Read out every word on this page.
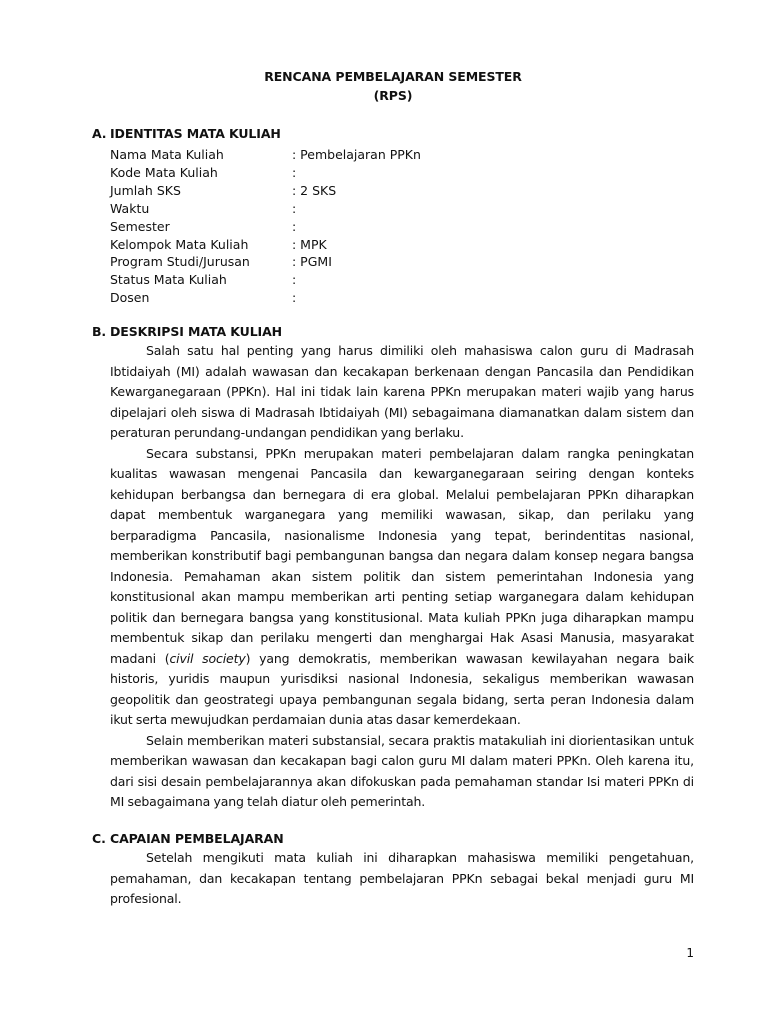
RENCANA PEMBELAJARAN SEMESTER
(RPS)
A. IDENTITAS MATA KULIAH
Nama Mata Kuliah	: Pembelajaran PPKn
Kode Mata Kuliah	:
Jumlah SKS	: 2 SKS
Waktu	:
Semester	:
Kelompok Mata Kuliah	: MPK
Program Studi/Jurusan	: PGMI
Status Mata Kuliah	:
Dosen	:
B. DESKRIPSI MATA KULIAH

Salah satu hal penting yang harus dimiliki oleh mahasiswa calon guru di Madrasah Ibtidaiyah (MI) adalah wawasan dan kecakapan berkenaan dengan Pancasila dan Pendidikan Kewarganegaraan (PPKn). Hal ini tidak lain karena PPKn merupakan materi wajib yang harus dipelajari oleh siswa di Madrasah Ibtidaiyah (MI) sebagaimana diamanatkan dalam sistem dan peraturan perundang-undangan pendidikan yang berlaku.

Secara substansi, PPKn merupakan materi pembelajaran dalam rangka peningkatan kualitas wawasan mengenai Pancasila dan kewarganegaraan seiring dengan konteks kehidupan berbangsa dan bernegara di era global. Melalui pembelajaran PPKn diharapkan dapat membentuk warganegara yang memiliki wawasan, sikap, dan perilaku yang berparadigma Pancasila, nasionalisme Indonesia yang tepat, berindentitas nasional, memberikan konstributif bagi pembangunan bangsa dan negara dalam konsep negara bangsa Indonesia. Pemahaman akan sistem politik dan sistem pemerintahan Indonesia yang konstitusional akan mampu memberikan arti penting setiap warganegara dalam kehidupan politik dan bernegara bangsa yang konstitusional. Mata kuliah PPKn juga diharapkan mampu membentuk sikap dan perilaku mengerti dan menghargai Hak Asasi Manusia, masyarakat madani (civil society) yang demokratis, memberikan wawasan kewilayahan negara baik historis, yuridis maupun yurisdiksi nasional Indonesia, sekaligus memberikan wawasan geopolitik dan geostrategi upaya pembangunan segala bidang, serta peran Indonesia dalam ikut serta mewujudkan perdamaian dunia atas dasar kemerdekaan.

Selain memberikan materi substansial, secara praktis matakuliah ini diorientasikan untuk memberikan wawasan dan kecakapan bagi calon guru MI dalam materi PPKn. Oleh karena itu, dari sisi desain pembelajarannya akan difokuskan pada pemahaman standar Isi materi PPKn di MI sebagaimana yang telah diatur oleh pemerintah.

C. CAPAIAN PEMBELAJARAN

Setelah mengikuti mata kuliah ini diharapkan mahasiswa memiliki pengetahuan, pemahaman, dan kecakapan tentang pembelajaran PPKn sebagai bekal menjadi guru MI profesional.

1
